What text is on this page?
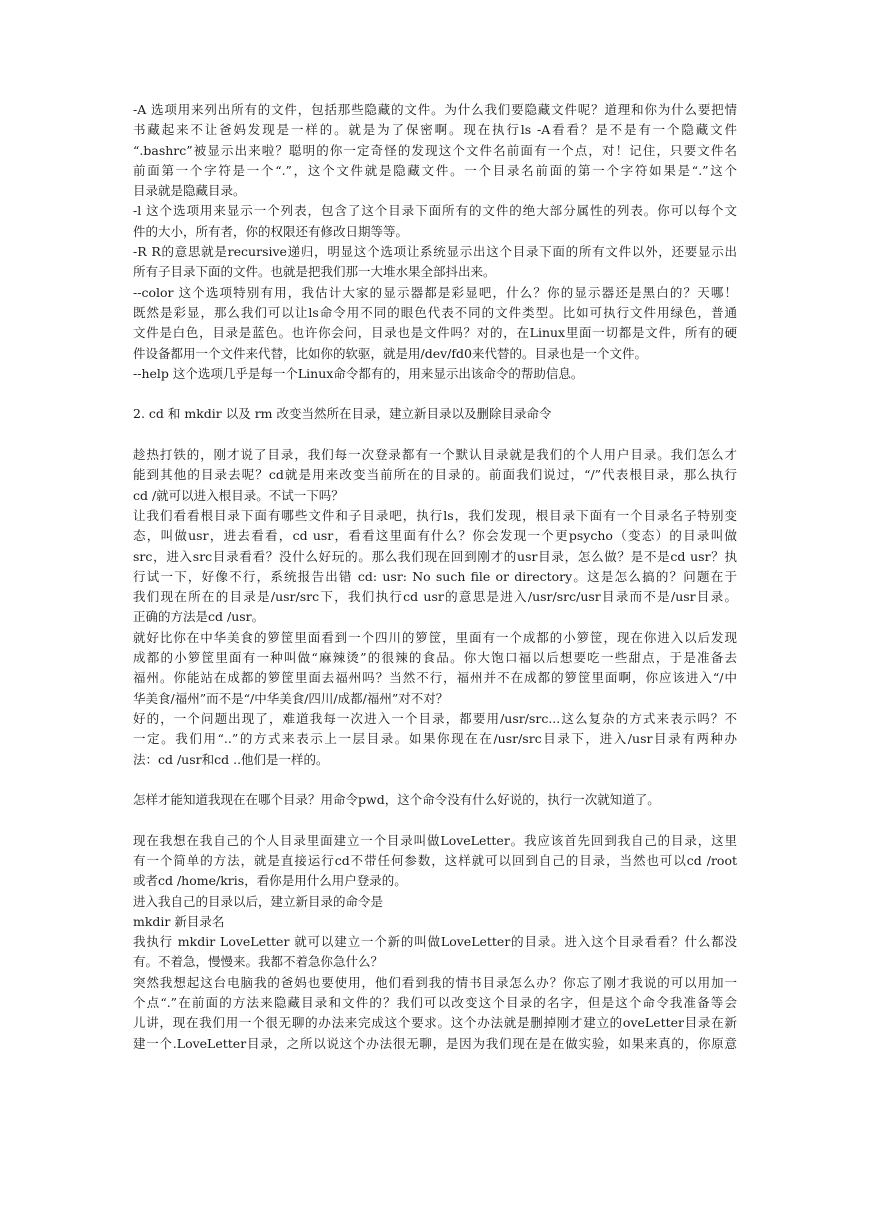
-A 选项用来列出所有的文件，包括那些隐藏的文件。为什么我们要隐藏文件呢？道理和你为什么要把情
书藏起来不让爸妈发现是一样的。就是为了保密啊。现在执行ls -A看看？是不是有一个隐藏文件
“.bashrc”被显示出来啦？聪明的你一定奇怪的发现这个文件名前面有一个点，对！记住，只要文件名
前面第一个字符是一个“.”，这个文件就是隐藏文件。一个目录名前面的第一个字符如果是“.”这个
目录就是隐藏目录。
-l 这个选项用来显示一个列表，包含了这个目录下面所有的文件的绝大部分属性的列表。你可以每个文
件的大小，所有者，你的权限还有修改日期等等。
-R R的意思就是recursive递归，明显这个选项让系统显示出这个目录下面的所有文件以外，还要显示出
所有子目录下面的文件。也就是把我们那一大堆水果全部抖出来。
--color 这个选项特别有用，我估计大家的显示器都是彩显吧，什么？你的显示器还是黑白的？天哪！
既然是彩显，那么我们可以让ls命令用不同的眼色代表不同的文件类型。比如可执行文件用绿色，普通
文件是白色，目录是蓝色。也许你会问，目录也是文件吗？对的，在Linux里面一切都是文件，所有的硬
件设备都用一个文件来代替，比如你的软驱，就是用/dev/fd0来代替的。目录也是一个文件。
--help 这个选项几乎是每一个Linux命令都有的，用来显示出该命令的帮助信息。
2. cd 和 mkdir 以及 rm 改变当然所在目录，建立新目录以及删除目录命令
趁热打铁的，刚才说了目录，我们每一次登录都有一个默认目录就是我们的个人用户目录。我们怎么才
能到其他的目录去呢？cd就是用来改变当前所在的目录的。前面我们说过，“/”代表根目录，那么执行
cd /就可以进入根目录。不试一下吗？
让我们看看根目录下面有哪些文件和子目录吧，执行ls，我们发现，根目录下面有一个目录名子特别变
态，叫做usr，进去看看，cd usr，看看这里面有什么？你会发现一个更psycho（变态）的目录叫做
src，进入src目录看看？没什么好玩的。那么我们现在回到刚才的usr目录，怎么做？是不是cd usr？执
行试一下，好像不行，系统报告出错 cd: usr: No such file or directory。这是怎么搞的？问题在于
我们现在所在的目录是/usr/src下，我们执行cd usr的意思是进入/usr/src/usr目录而不是/usr目录。
正确的方法是cd /usr。
就好比你在中华美食的箩筐里面看到一个四川的箩筐，里面有一个成都的小箩筐，现在你进入以后发现
成都的小箩筐里面有一种叫做“麻辣烫”的很辣的食品。你大饱口福以后想要吃一些甜点，于是准备去
福州。你能站在成都的箩筐里面去福州吗？当然不行，福州并不在成都的箩筐里面啊，你应该进入“/中
华美食/福州”而不是“/中华美食/四川/成都/福州”对不对？
好的，一个问题出现了，难道我每一次进入一个目录，都要用/usr/src...这么复杂的方式来表示吗？不
一定。我们用“..”的方式来表示上一层目录。如果你现在在/usr/src目录下，进入/usr目录有两种办
法：cd /usr和cd ..他们是一样的。
怎样才能知道我现在在哪个目录？用命令pwd，这个命令没有什么好说的，执行一次就知道了。
现在我想在我自己的个人目录里面建立一个目录叫做LoveLetter。我应该首先回到我自己的目录，这里
有一个简单的方法，就是直接运行cd不带任何参数，这样就可以回到自己的目录，当然也可以cd /root
或者cd /home/kris，看你是用什么用户登录的。
进入我自己的目录以后，建立新目录的命令是
mkdir 新目录名
我执行 mkdir LoveLetter 就可以建立一个新的叫做LoveLetter的目录。进入这个目录看看？什么都没
有。不着急，慢慢来。我都不着急你急什么？
突然我想起这台电脑我的爸妈也要使用，他们看到我的情书目录怎么办？你忘了刚才我说的可以用加一
个点“.”在前面的方法来隐藏目录和文件的？我们可以改变这个目录的名字，但是这个命令我准备等会
儿讲，现在我们用一个很无聊的办法来完成这个要求。这个办法就是删掉刚才建立的oveLetter目录在新
建一个.LoveLetter目录，之所以说这个办法很无聊，是因为我们现在是在做实验，如果来真的，你原意
